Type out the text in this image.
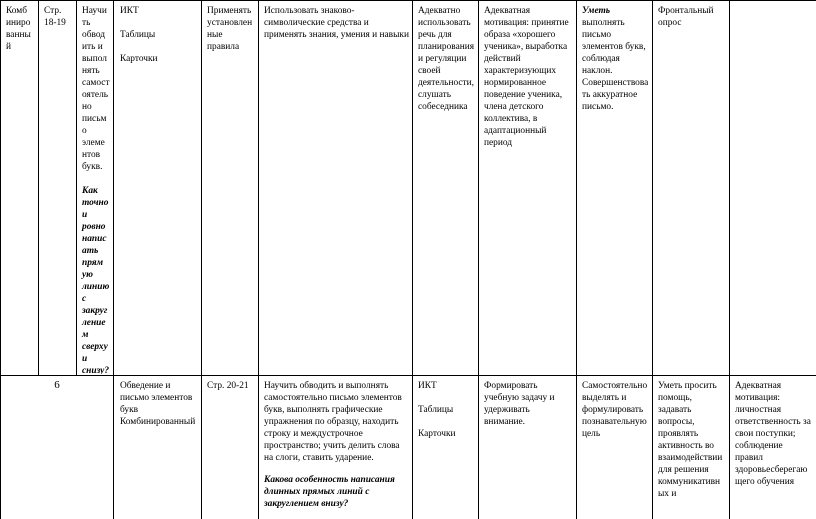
Комб иниро ванны й
Стр. 18-19
Научи ть обвод ить и выпол нять самост оятель но письм о элеме нтов букв.
Как точно и ровно напис ать прям ую линию с закруг ление м сверху и снизу?
ИКТ
Таблицы
Карточки
Применять установлен ные правила
Использовать знаково-символические средства и применять знания, умения и навыки
Адекватно использовать речь для планирования и регуляции своей деятельности, слушать собеседника
Адекватная мотивация: принятие образа «хорошего ученика», выработка действий характеризующих нормированное поведение ученика, члена детского коллектива, в адаптационный период
Уметь выполнять письмо элементов букв, соблюдая наклон. Совершенствова ть аккуратное письмо.
Фронтальный опрос
6	Обведение и письмо элементов букв Комбинированный
Стр. 20-21	Научить обводить и выполнять самостоятельно письмо элементов букв, выполнять графические упражнения по образцу, находить строку и междустрочное пространство; учить делить слова на слоги, ставить ударение.
Какова особенность написания длинных прямых линий с закруглением внизу?
ИКТ
Таблицы
Карточки
Формировать учебную задачу и удерживать внимание.
Самостоятельно выделять и формулировать познавательную цель
Уметь просить помощь, задавать вопросы, проявлять активность во взаимодействии для решения коммуникативн ых и
Адекватная мотивация: личностная ответственность за свои поступки; соблюдение правил здоровьесберегаю щего обучения
